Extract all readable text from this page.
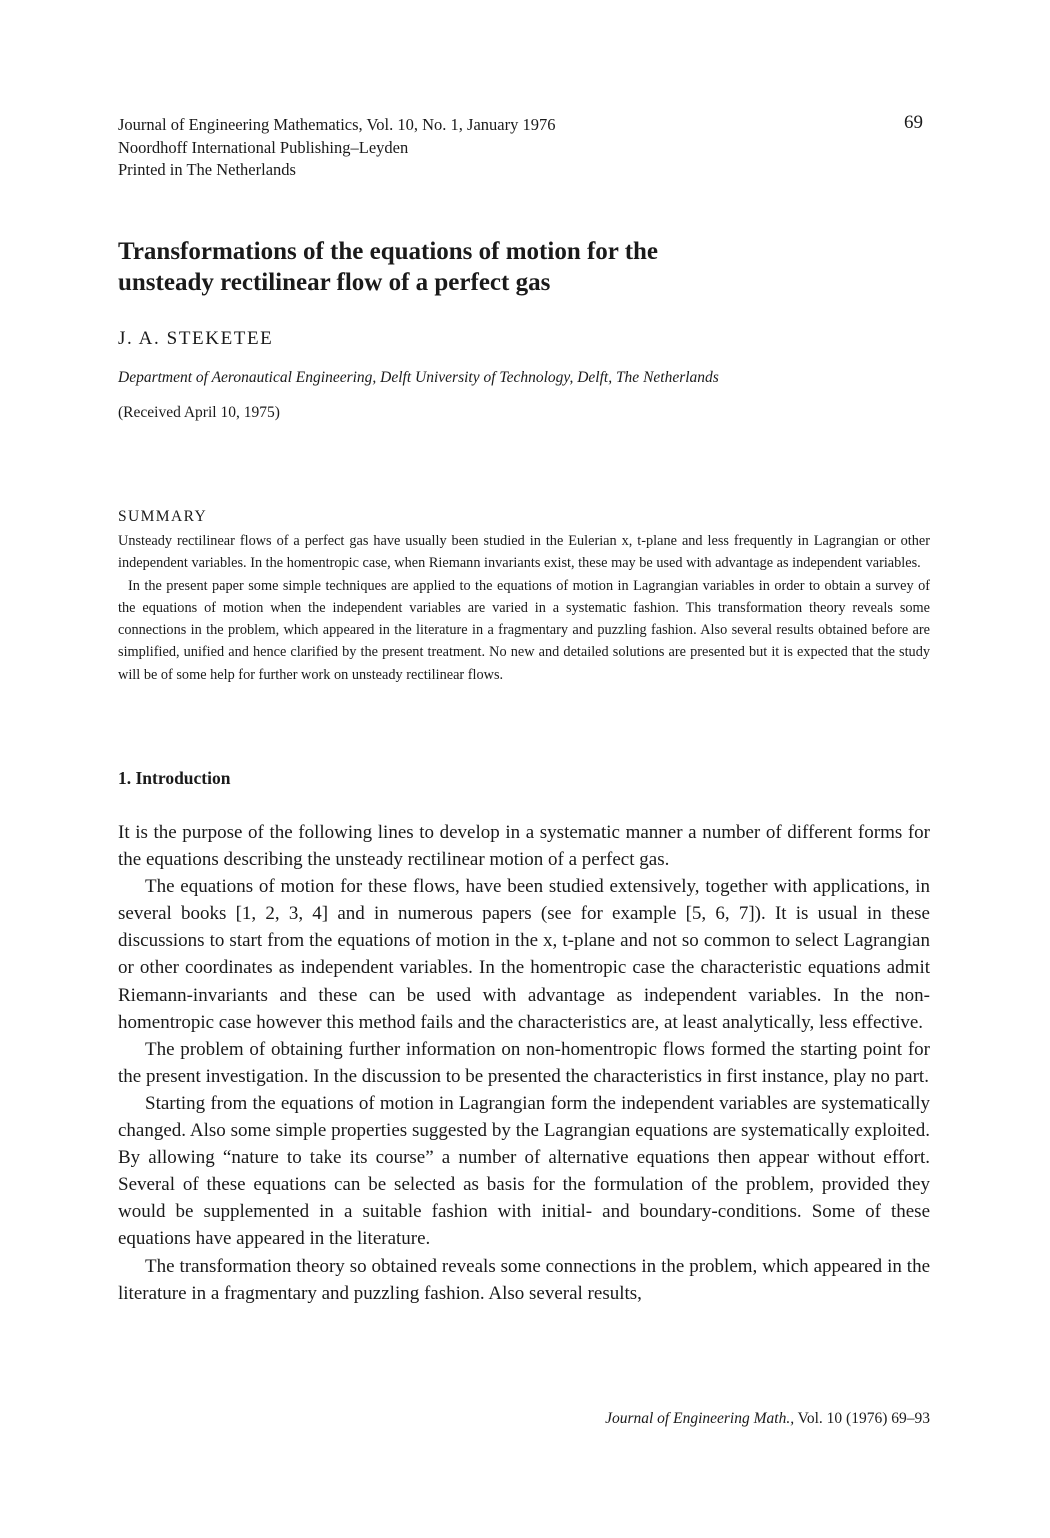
Journal of Engineering Mathematics, Vol. 10, No. 1, January 1976
Noordhoff International Publishing–Leyden
Printed in The Netherlands
69
Transformations of the equations of motion for the
unsteady rectilinear flow of a perfect gas
J. A. STEKETEE
Department of Aeronautical Engineering, Delft University of Technology, Delft, The Netherlands
(Received April 10, 1975)
SUMMARY

Unsteady rectilinear flows of a perfect gas have usually been studied in the Eulerian x, t-plane and less frequently in Lagrangian or other independent variables. In the homentropic case, when Riemann invariants exist, these may be used with advantage as independent variables.

In the present paper some simple techniques are applied to the equations of motion in Lagrangian variables in order to obtain a survey of the equations of motion when the independent variables are varied in a systematic fashion. This transformation theory reveals some connections in the problem, which appeared in the literature in a fragmentary and puzzling fashion. Also several results obtained before are simplified, unified and hence clarified by the present treatment. No new and detailed solutions are presented but it is expected that the study will be of some help for further work on unsteady rectilinear flows.

1. Introduction

It is the purpose of the following lines to develop in a systematic manner a number of different forms for the equations describing the unsteady rectilinear motion of a perfect gas.

The equations of motion for these flows, have been studied extensively, together with applications, in several books [1, 2, 3, 4] and in numerous papers (see for example [5, 6, 7]). It is usual in these discussions to start from the equations of motion in the x, t-plane and not so common to select Lagrangian or other coordinates as independent variables. In the homentropic case the characteristic equations admit Riemann-invariants and these can be used with advantage as independent variables. In the non-homentropic case however this method fails and the characteristics are, at least analytically, less effective.

The problem of obtaining further information on non-homentropic flows formed the starting point for the present investigation. In the discussion to be presented the characteristics in first instance, play no part.

Starting from the equations of motion in Lagrangian form the independent variables are systematically changed. Also some simple properties suggested by the Lagrangian equations are systematically exploited. By allowing “nature to take its course” a number of alternative equations then appear without effort. Several of these equations can be selected as basis for the formulation of the problem, provided they would be supplemented in a suitable fashion with initial- and boundary-conditions. Some of these equations have appeared in the literature.

The transformation theory so obtained reveals some connections in the problem, which appeared in the literature in a fragmentary and puzzling fashion. Also several results,

Journal of Engineering Math., Vol. 10 (1976) 69–93
